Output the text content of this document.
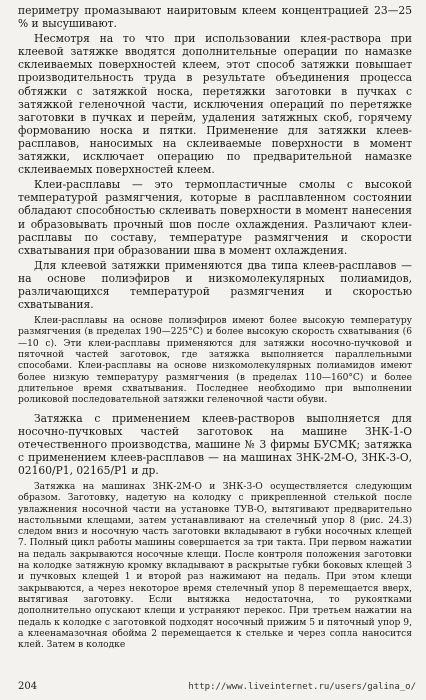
периметру промазывают наиритовым клеем концентрацией 23—25 % и высушивают.

Несмотря на то что при использовании клея-раствора при клеевой затяжке вводятся дополнительные операции по намазке склеиваемых поверхностей клеем, этот способ затяжки повышает производительность труда в результате объединения процесса обтяжки с затяжкой носка, перетяжки заготовки в пучках с затяжкой геленочной части, исключения операций по перетяжке заготовки в пучках и перейм, удаления затяжных скоб, горячему формованию носка и пятки. Применение для затяжки клеев-расплавов, наносимых на склеиваемые поверхности в момент затяжки, исключает операцию по предварительной намазке склеиваемых поверхностей клеем.

Клеи-расплавы — это термопластичные смолы с высокой температурой размягчения, которые в расплавленном состоянии обладают способностью склеивать поверхности в момент нанесения и образовывать прочный шов после охлаждения. Различают клеи-расплавы по составу, температуре размягчения и скорости схватывания при образовании шва в момент охлаждения.

Для клеевой затяжки применяются два типа клеев-расплавов — на основе полиэфиров и низкомолекулярных полиамидов, различающихся температурой размягчения и скоростью схватывания.

Клеи-расплавы на основе полиэфиров имеют более высокую температуру размягчения (в пределах 190—225°С) и более высокую скорость схватывания (6—10 с). Эти клеи-расплавы применяются для затяжки носочно-пучковой и пяточной частей заготовок, где затяжка выполняется параллельными способами. Клеи-расплавы на основе низкомолекулярных полиамидов имеют более низкую температуру размягчения (в пределах 110—160°С) и более длительное время схватывания. Последнее необходимо при выполнении роликовой последовательной затяжки геленочной части обуви.

Затяжка с применением клеев-растворов выполняется для носочно-пучковых частей заготовок на машине ЗНК-1-О отечественного производства, машине № 3 фирмы БУСМК; затяжка с применением клеев-расплавов — на машинах ЗНК-2М-О, ЗНК-3-О, 02160/Р1, 02165/Р1 и др.

Затяжка на машинах ЗНК-2М-О и ЗНК-3-О осуществляется следующим образом. Заготовку, надетую на колодку с прикрепленной стелькой после увлажнения носочной части на установке ТУВ-О, вытягивают предварительно настольными клещами, затем устанавливают на стелечный упор 8 (рис. 24.3) следом вниз и носочную часть заготовки вкладывают в губки носочных клещей 7. Полный цикл работы машины совершается за три такта. При первом нажатии на педаль закрываются носочные клещи. После контроля положения заготовки на колодке затяжную кромку вкладывают в раскрытые губки боковых клещей 3 и пучковых клещей 1 и второй раз нажимают на педаль. При этом клещи закрываются, а через некоторое время стелечный упор 8 перемещается вверх, вытягивая заготовку. Если вытяжка недостаточна, то рукоятками дополнительно опускают клещи и устраняют перекос. При третьем нажатии на педаль к колодке с заготовкой подходят носочный прижим 5 и пяточный упор 9, а клеенамазочная обойма 2 перемещается к стельке и через сопла наносится клей. Затем в колодке

204	http://www.liveinternet.ru/users/galina_o/
